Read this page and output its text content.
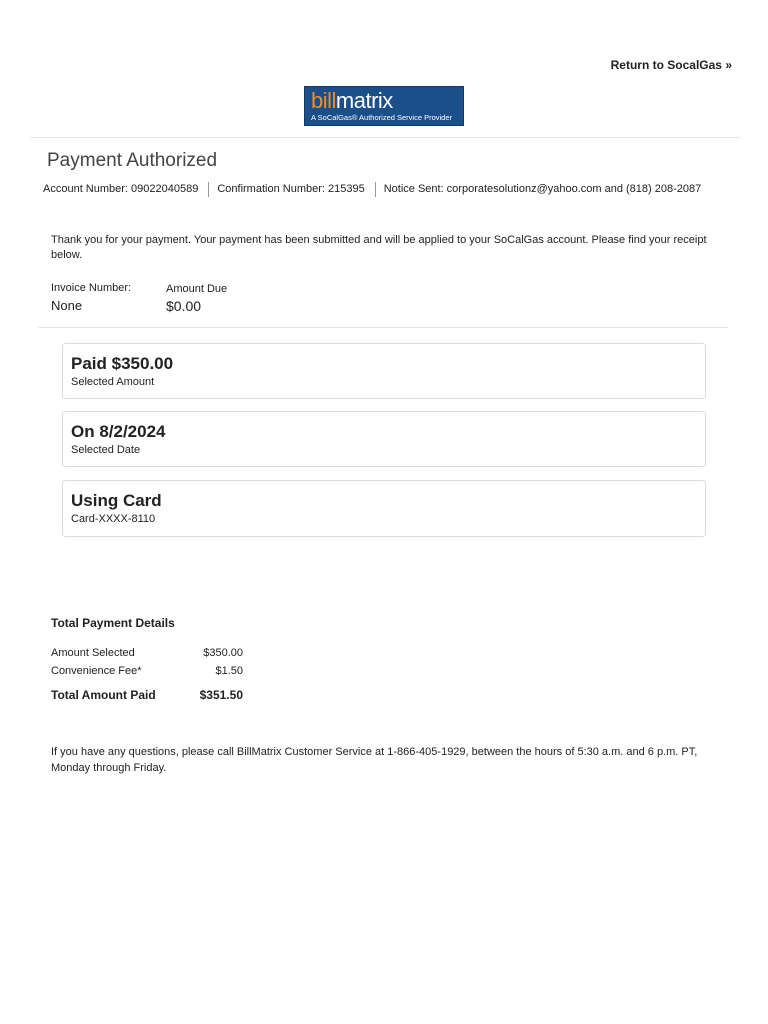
Return to SocalGas »
billmatrix
A SoCalGas® Authorized Service Provider
Payment Authorized
Account Number: 09022040589 Confirmation Number: 215395 Notice Sent: corporatesolutionz@yahoo.com and (818) 208-2087
Thank you for your payment. Your payment has been submitted and will be applied to your SoCalGas account. Please find your receipt below.
Invoice Number:
None
Amount Due
$0.00
Paid $350.00
Selected Amount
On 8/2/2024
Selected Date
Using Card
Card-XXXX-8110
Total Payment Details
Amount Selected	$350.00
Convenience Fee*	$1.50
Total Amount Paid	$351.50
If you have any questions, please call BillMatrix Customer Service at 1-866-405-1929, between the hours of 5:30 a.m. and 6 p.m. PT, Monday through Friday.
